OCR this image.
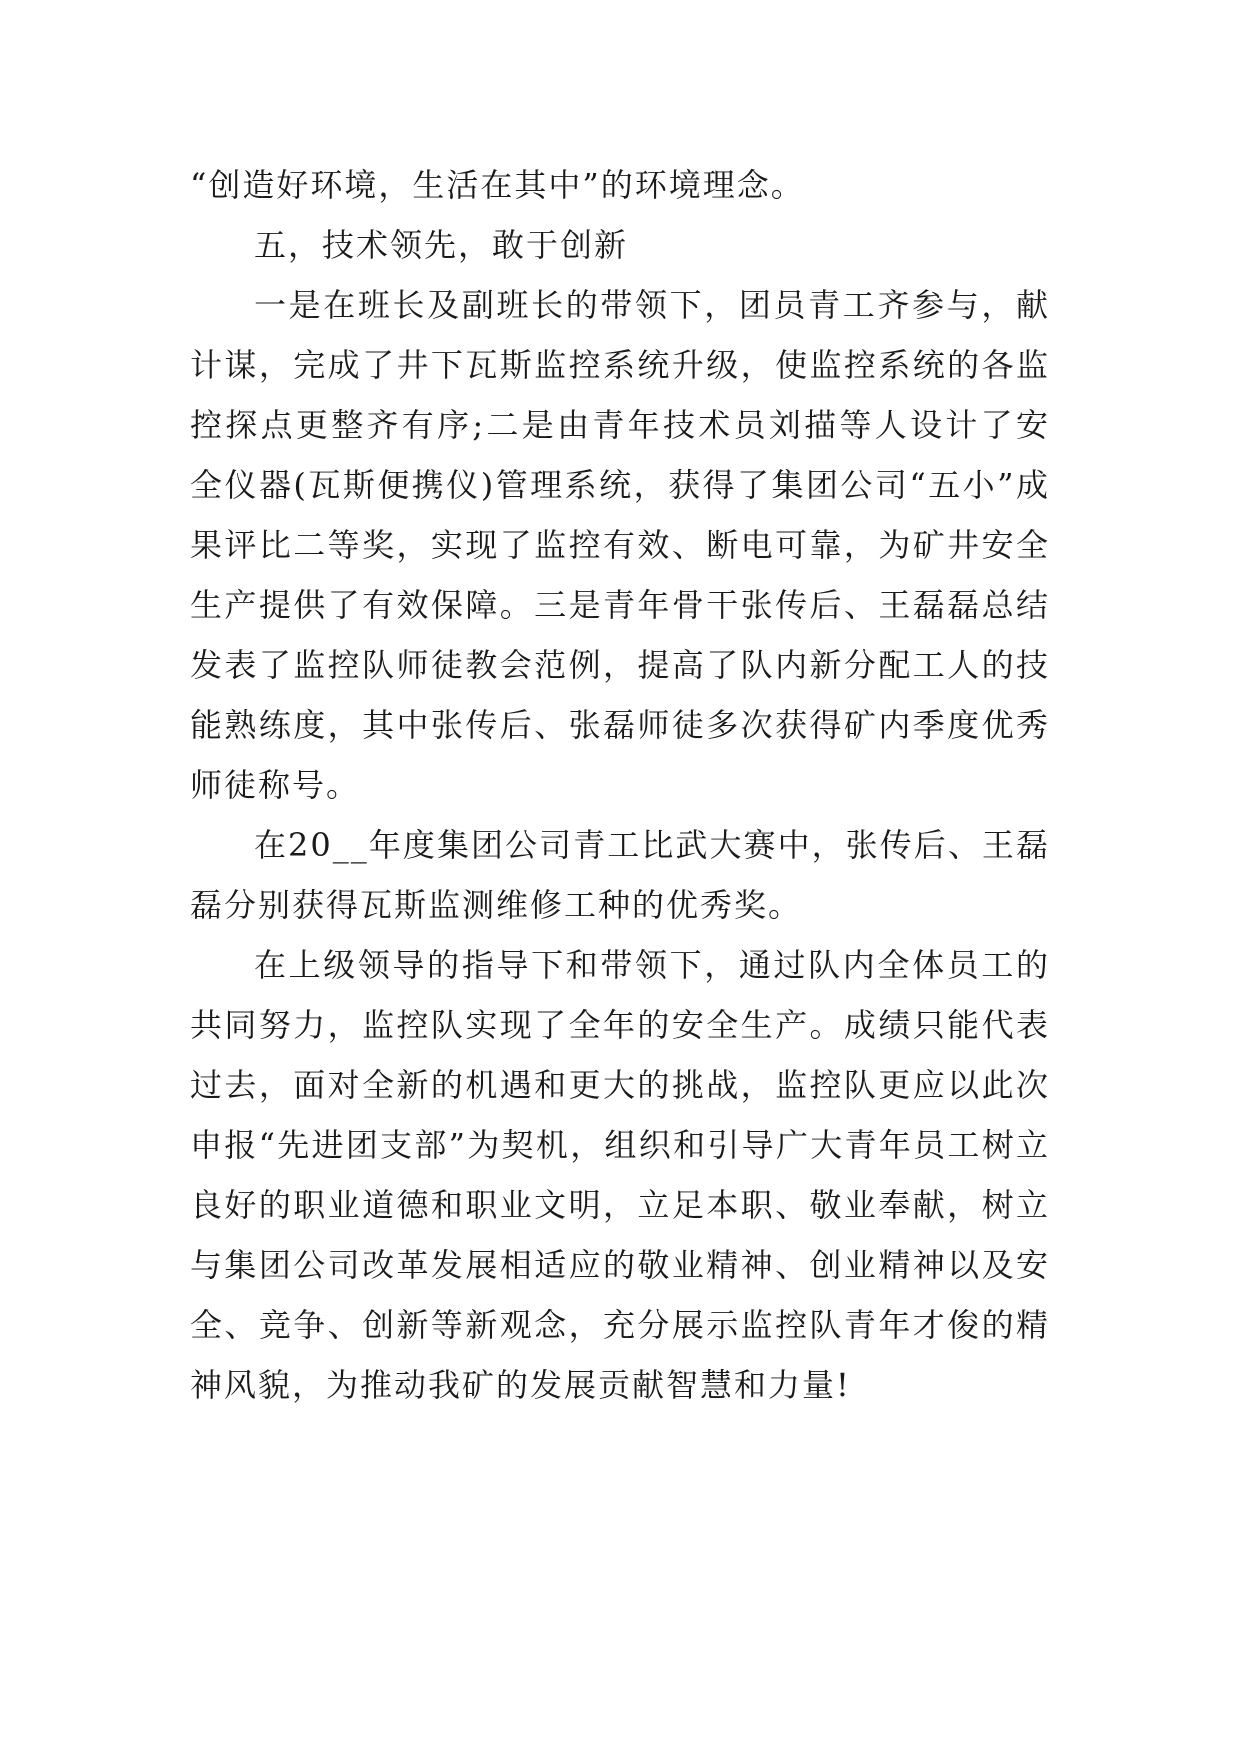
“创造好环境，生活在其中”的环境理念。

五，技术领先，敢于创新

一是在班长及副班长的带领下，团员青工齐参与，献计谋，完成了井下瓦斯监控系统升级，使监控系统的各监控探点更整齐有序;二是由青年技术员刘描等人设计了安全仪器(瓦斯便携仪)管理系统，获得了集团公司“五小”成果评比二等奖，实现了监控有效、断电可靠，为矿井安全生产提供了有效保障。三是青年骨干张传后、王磊磊总结发表了监控队师徒教会范例，提高了队内新分配工人的技能熟练度，其中张传后、张磊师徒多次获得矿内季度优秀师徒称号。

在20__年度集团公司青工比武大赛中，张传后、王磊磊分别获得瓦斯监测维修工种的优秀奖。

在上级领导的指导下和带领下，通过队内全体员工的共同努力，监控队实现了全年的安全生产。成绩只能代表过去，面对全新的机遇和更大的挑战，监控队更应以此次申报“先进团支部”为契机，组织和引导广大青年员工树立良好的职业道德和职业文明，立足本职、敬业奉献，树立与集团公司改革发展相适应的敬业精神、创业精神以及安全、竞争、创新等新观念，充分展示监控队青年才俊的精神风貌，为推动我矿的发展贡献智慧和力量!
